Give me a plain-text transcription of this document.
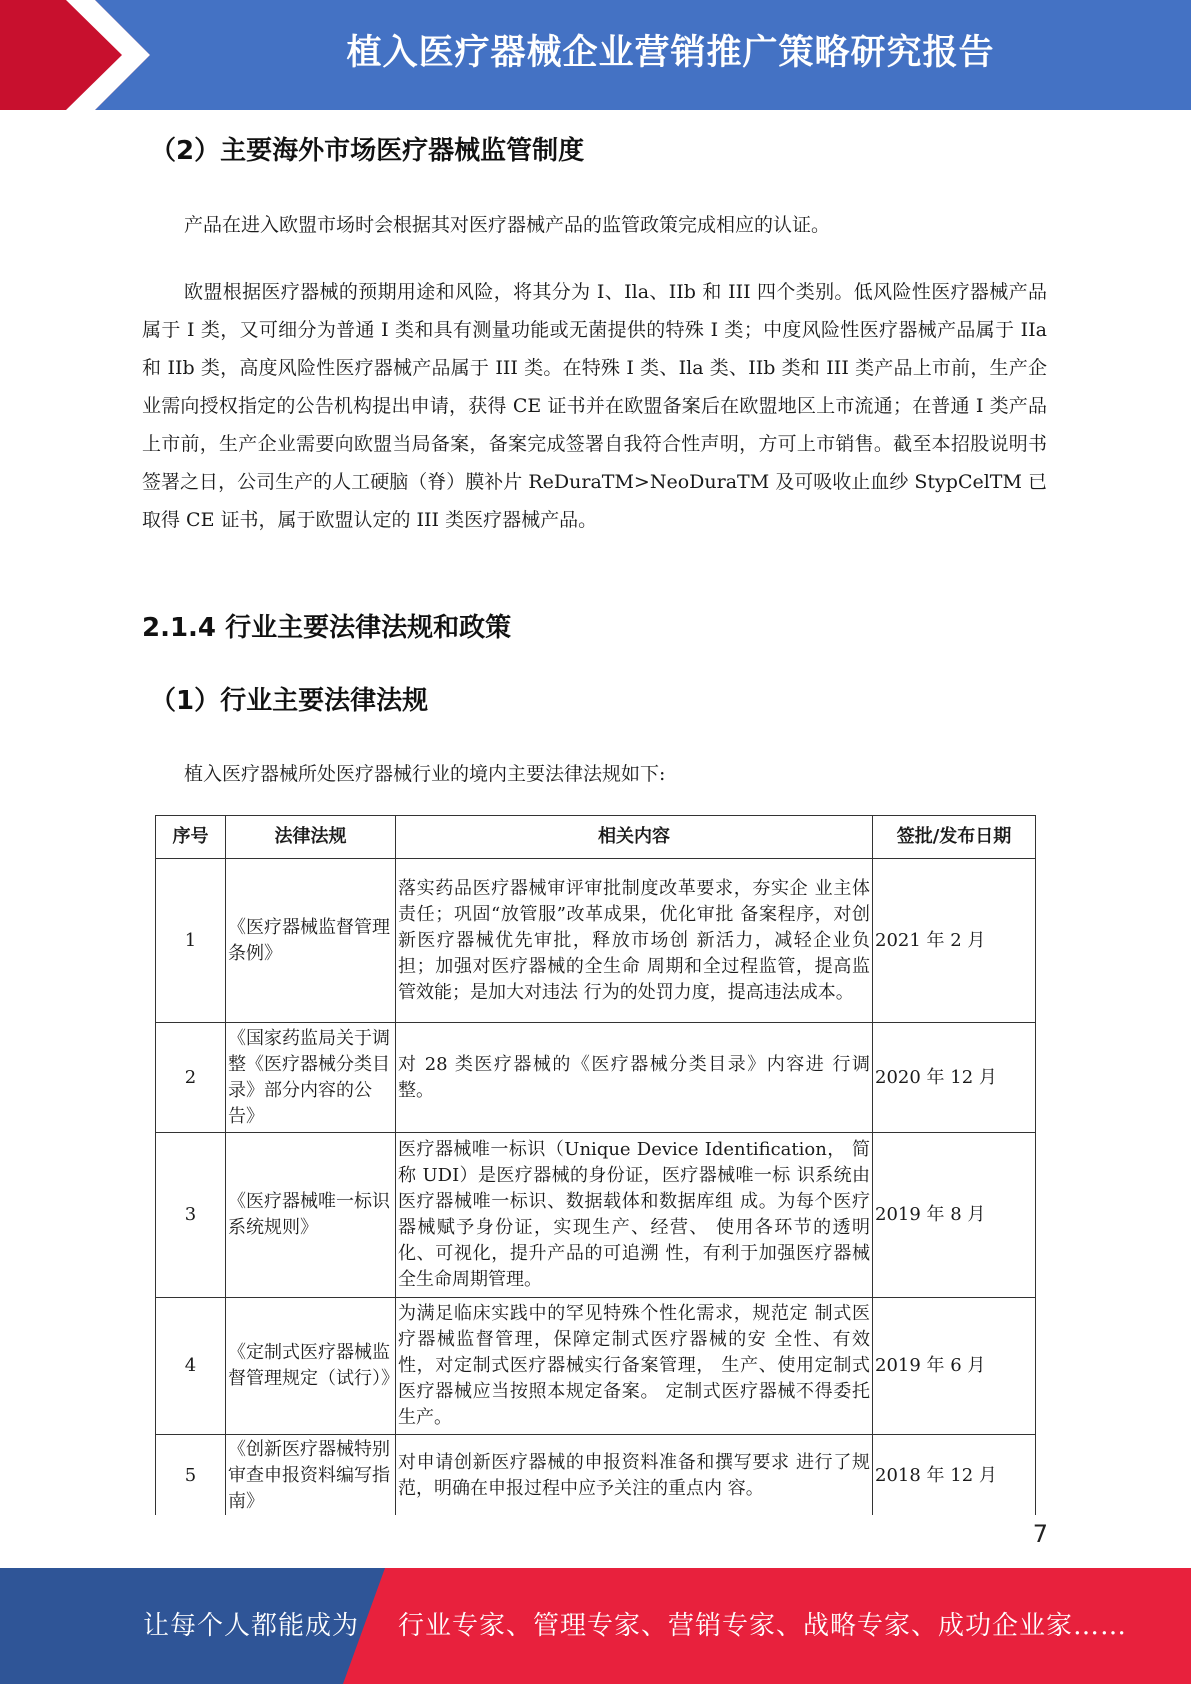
植入医疗器械企业营销推广策略研究报告
（2）主要海外市场医疗器械监管制度
产品在进入欧盟市场时会根据其对医疗器械产品的监管政策完成相应的认证。
欧盟根据医疗器械的预期用途和风险，将其分为 I、Ila、IIb 和 III 四个类别。低风险性医疗器械产品属于 I 类，又可细分为普通 I 类和具有测量功能或无菌提供的特殊 I 类；中度风险性医疗器械产品属于 IIa 和 IIb 类，高度风险性医疗器械产品属于 III 类。在特殊 I 类、Ila 类、IIb 类和 III 类产品上市前，生产企业需向授权指定的公告机构提出申请，获得 CE 证书并在欧盟备案后在欧盟地区上市流通；在普通 I 类产品上市前，生产企业需要向欧盟当局备案，备案完成签署自我符合性声明，方可上市销售。截至本招股说明书签署之日，公司生产的人工硬脑（脊）膜补片 ReDuraTM>NeoDuraTM 及可吸收止血纱 StypCelTM 已取得 CE 证书，属于欧盟认定的 III 类医疗器械产品。
2.1.4 行业主要法律法规和政策
（1）行业主要法律法规
植入医疗器械所处医疗器械行业的境内主要法律法规如下:
序号	法律法规	相关内容	签批/发布日期
1	《医疗器械监督管理条例》	落实药品医疗器械审评审批制度改革要求，夯实企 业主体责任；巩固“放管服”改革成果，优化审批 备案程序，对创新医疗器械优先审批，释放市场创 新活力，减轻企业负担；加强对医疗器械的全生命 周期和全过程监管，提高监管效能；是加大对违法 行为的处罚力度，提高违法成本。	2021 年 2 月
2	《国家药监局关于调整《医疗器械分类目录》部分内容的公告》	对 28 类医疗器械的《医疗器械分类目录》内容进 行调整。	2020 年 12 月
3	《医疗器械唯一标识系统规则》	医疗器械唯一标识（Unique Device Identification， 简称 UDI）是医疗器械的身份证，医疗器械唯一标 识系统由医疗器械唯一标识、数据载体和数据库组 成。为每个医疗器械赋予身份证，实现生产、经营、 使用各环节的透明化、可视化，提升产品的可追溯 性，有利于加强医疗器械全生命周期管理。	2019 年 8 月
4	《定制式医疗器械监督管理规定（试行）》	为满足临床实践中的罕见特殊个性化需求，规范定 制式医疗器械监督管理，保障定制式医疗器械的安 全性、有效性，对定制式医疗器械实行备案管理， 生产、使用定制式医疗器械应当按照本规定备案。 定制式医疗器械不得委托生产。	2019 年 6 月
5	《创新医疗器械特别审查申报资料编写指南》	对申请创新医疗器械的申报资料准备和撰写要求 进行了规范，明确在申报过程中应予关注的重点内 容。	2018 年 12 月
7
让每个人都能成为 行业专家、管理专家、营销专家、战略专家、成功企业家……
